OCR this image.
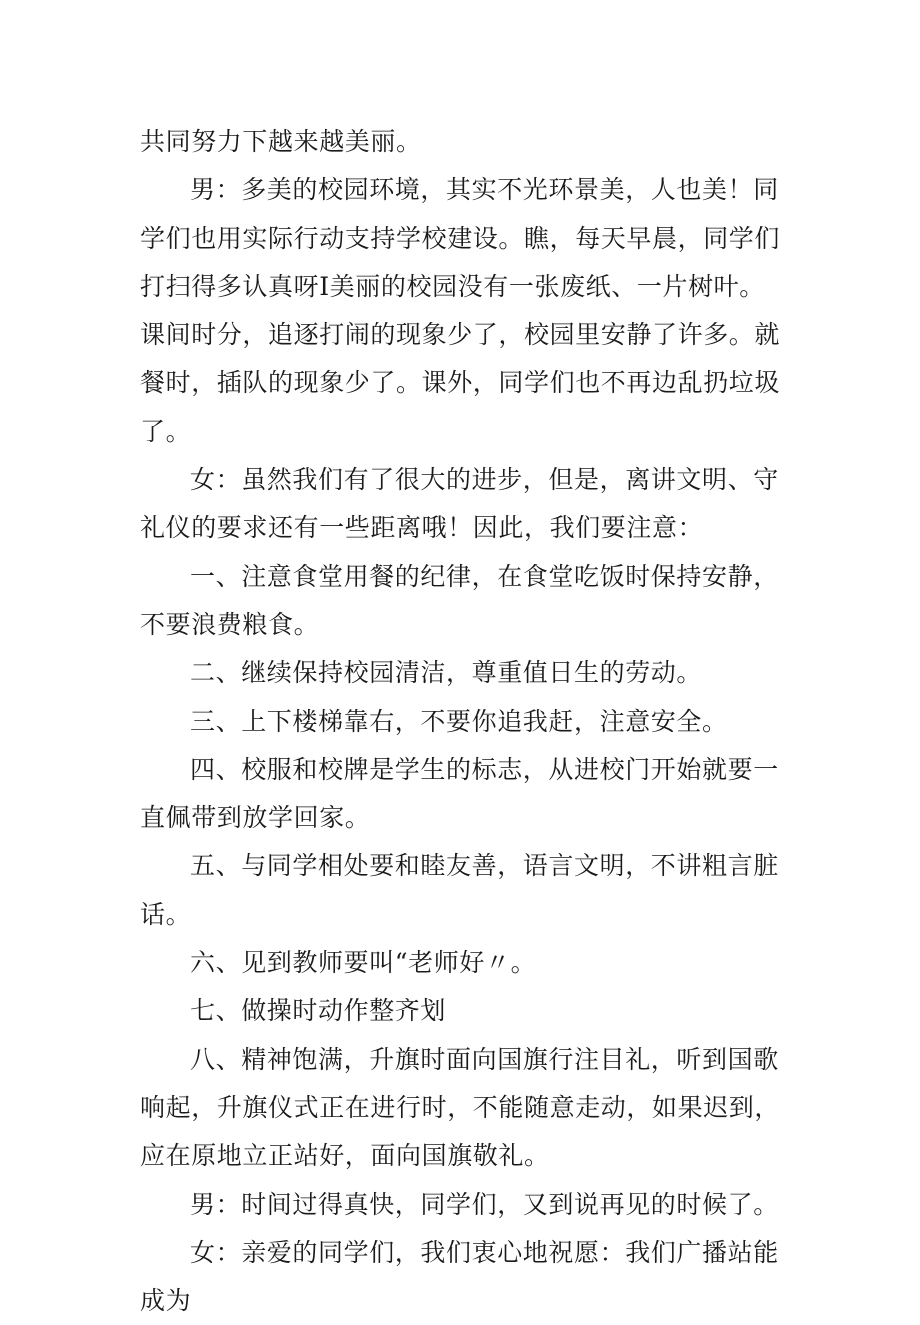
共同努力下越来越美丽。

男：多美的校园环境，其实不光环景美，人也美！同学们也用实际行动支持学校建设。瞧，每天早晨，同学们打扫得多认真呀I美丽的校园没有一张废纸、一片树叶。课间时分，追逐打闹的现象少了，校园里安静了许多。就餐时，插队的现象少了。课外，同学们也不再边乱扔垃圾了。

女：虽然我们有了很大的进步，但是，离讲文明、守礼仪的要求还有一些距离哦！因此，我们要注意：

一、注意食堂用餐的纪律，在食堂吃饭时保持安静，不要浪费粮食。

二、继续保持校园清洁，尊重值日生的劳动。

三、上下楼梯靠右，不要你追我赶，注意安全。

四、校服和校牌是学生的标志，从进校门开始就要一直佩带到放学回家。

五、与同学相处要和睦友善，语言文明，不讲粗言脏话。

六、见到教师要叫“老师好〃。

七、做操时动作整齐划

八、精神饱满，升旗时面向国旗行注目礼，听到国歌响起，升旗仪式正在进行时，不能随意走动，如果迟到，应在原地立正站好，面向国旗敬礼。

男：时间过得真快，同学们，又到说再见的时候了。

女：亲爱的同学们，我们衷心地祝愿：我们广播站能成为
